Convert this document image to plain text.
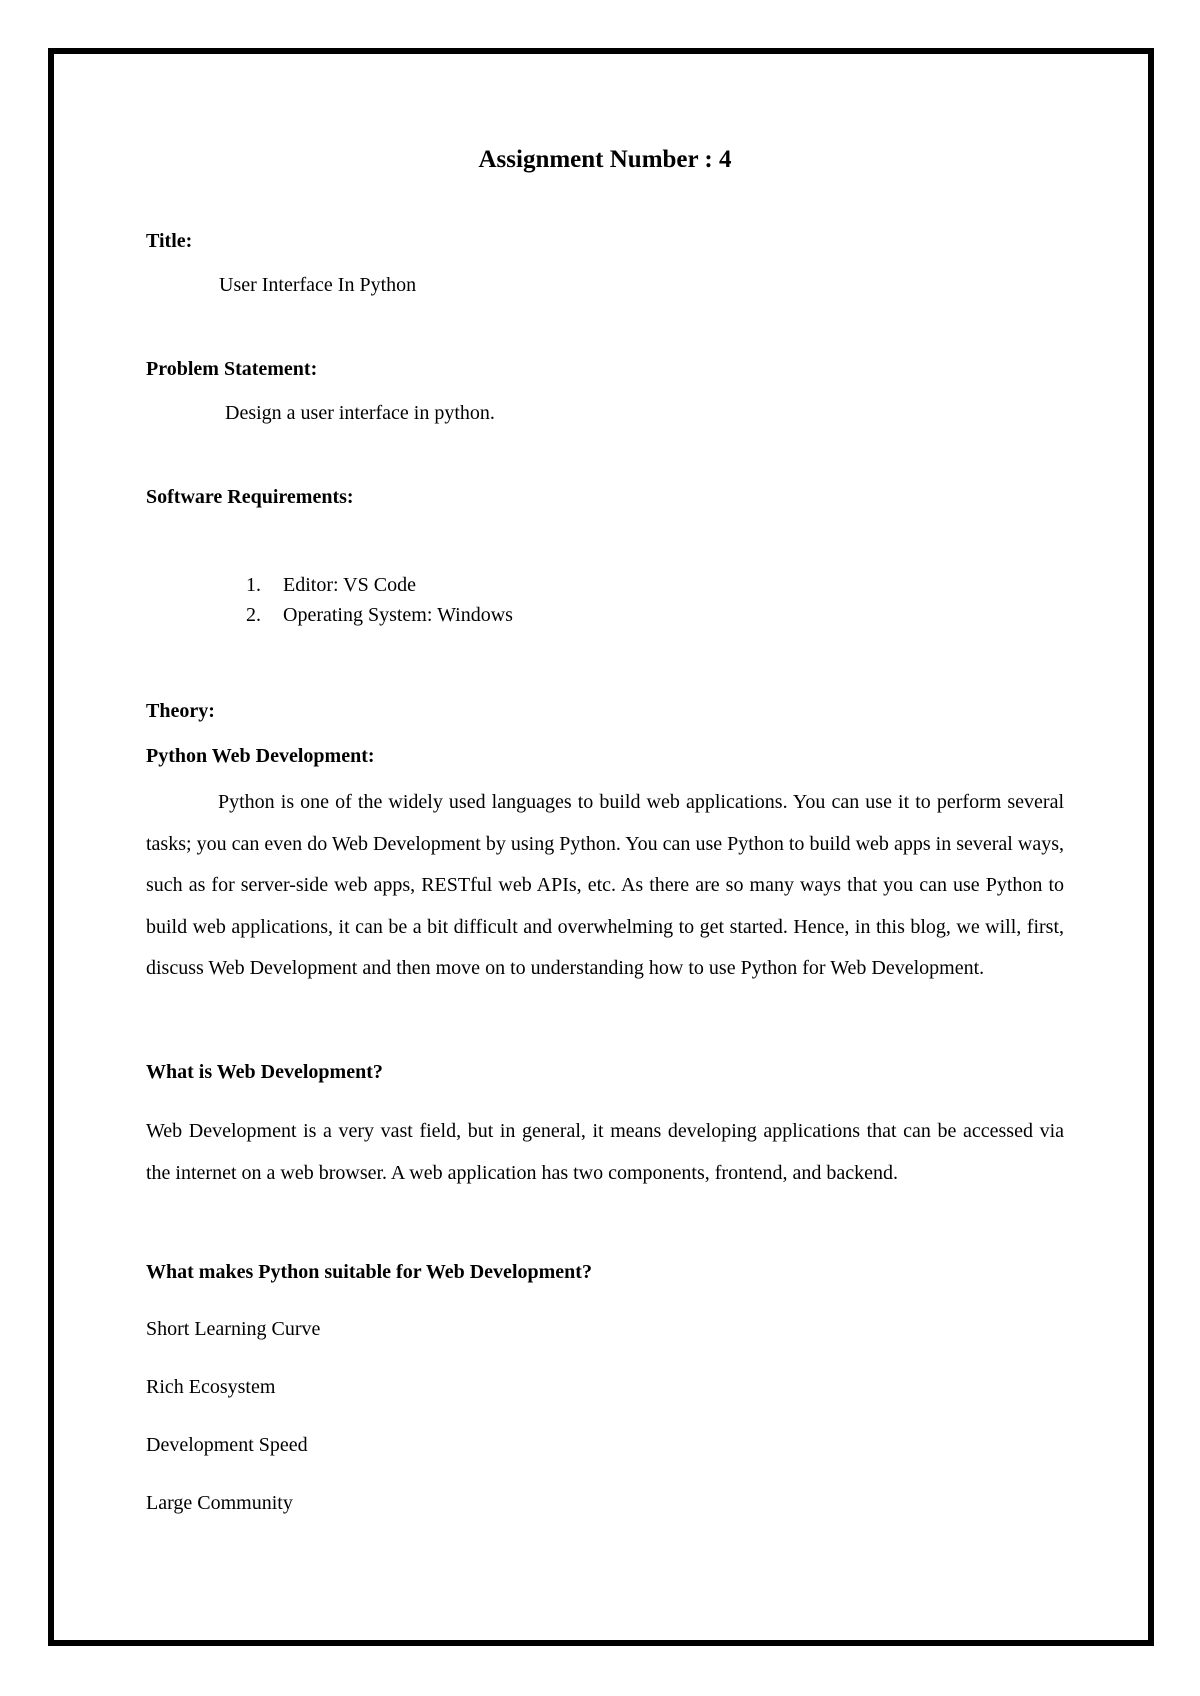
Assignment Number : 4
Title:

User Interface In Python

Problem Statement:

Design a user interface in python.

Software Requirements:
1.	Editor: VS Code
2.	Operating System: Windows
Theory:
Python Web Development:

Python is one of the widely used languages to build web applications. You can use it to perform several tasks; you can even do Web Development by using Python. You can use Python to build web apps in several ways, such as for server-side web apps, RESTful web APIs, etc. As there are so many ways that you can use Python to build web applications, it can be a bit difficult and overwhelming to get started. Hence, in this blog, we will, first, discuss Web Development and then move on to understanding how to use Python for Web Development.

What is Web Development?

Web Development is a very vast field, but in general, it means developing applications that can be accessed via the internet on a web browser. A web application has two components, frontend, and backend.

What makes Python suitable for Web Development?

Short Learning Curve

Rich Ecosystem

Development Speed

Large Community
